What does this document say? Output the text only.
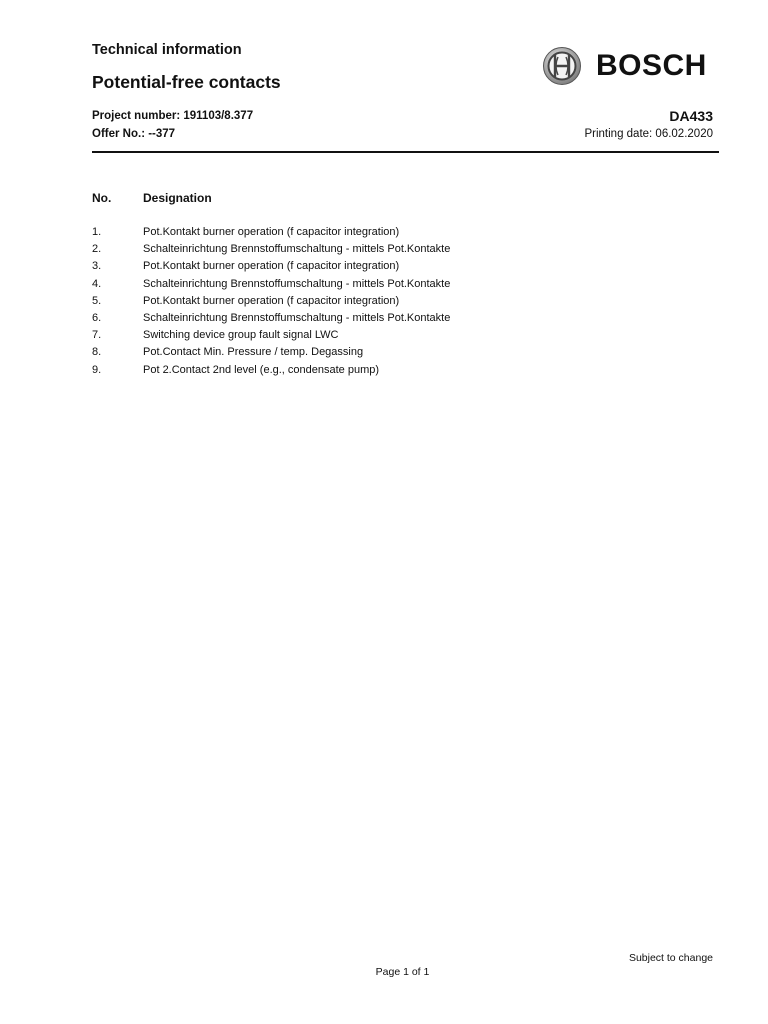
Technical information
Potential-free contacts	BOSCH
Project number: 191103/8.377
Offer No.: --377
DA433
Printing date: 06.02.2020
No.	Designation
1.	Pot.Kontakt burner operation (f capacitor integration)
2.	Schalteinrichtung Brennstoffumschaltung - mittels Pot.Kontakte
3.	Pot.Kontakt burner operation (f capacitor integration)
4.	Schalteinrichtung Brennstoffumschaltung - mittels Pot.Kontakte
5.	Pot.Kontakt burner operation (f capacitor integration)
6.	Schalteinrichtung Brennstoffumschaltung - mittels Pot.Kontakte
7.	Switching device group fault signal LWC
8.	Pot.Contact Min. Pressure / temp. Degassing
9.	Pot 2.Contact 2nd level (e.g., condensate pump)
Subject to change
Page 1 of 1
